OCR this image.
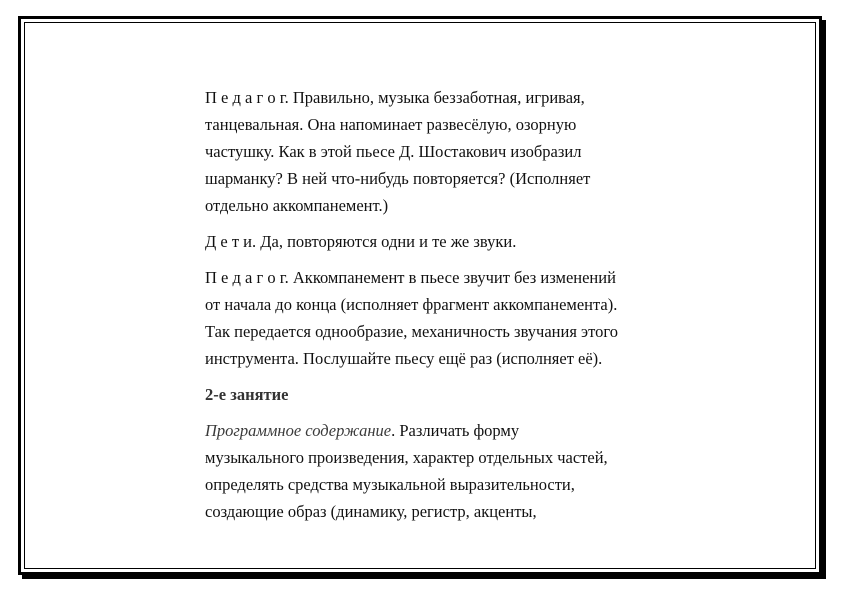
П е д а г о г. Правильно, музыка беззаботная, игривая,
танцевальная. Она напоминает развесёлую, озорную
частушку. Как в этой пьесе Д. Шостакович изобразил
шарманку? В ней что-нибудь повторяется? (Исполняет
отдельно аккомпанемент.)

Д е т и. Да, повторяются одни и те же звуки.

П е д а г о г. Аккомпанемент в пьесе звучит без изменений
от начала до конца (исполняет фрагмент аккомпанемента).
Так передается однообразие, механичность звучания этого
инструмента. Послушайте пьесу ещё раз (исполняет её).

2-е занятие

Программное содержание. Различать форму
музыкального произведения, характер отдельных частей,
определять средства музыкальной выразительности,
создающие образ (динамику, регистр, акценты,
